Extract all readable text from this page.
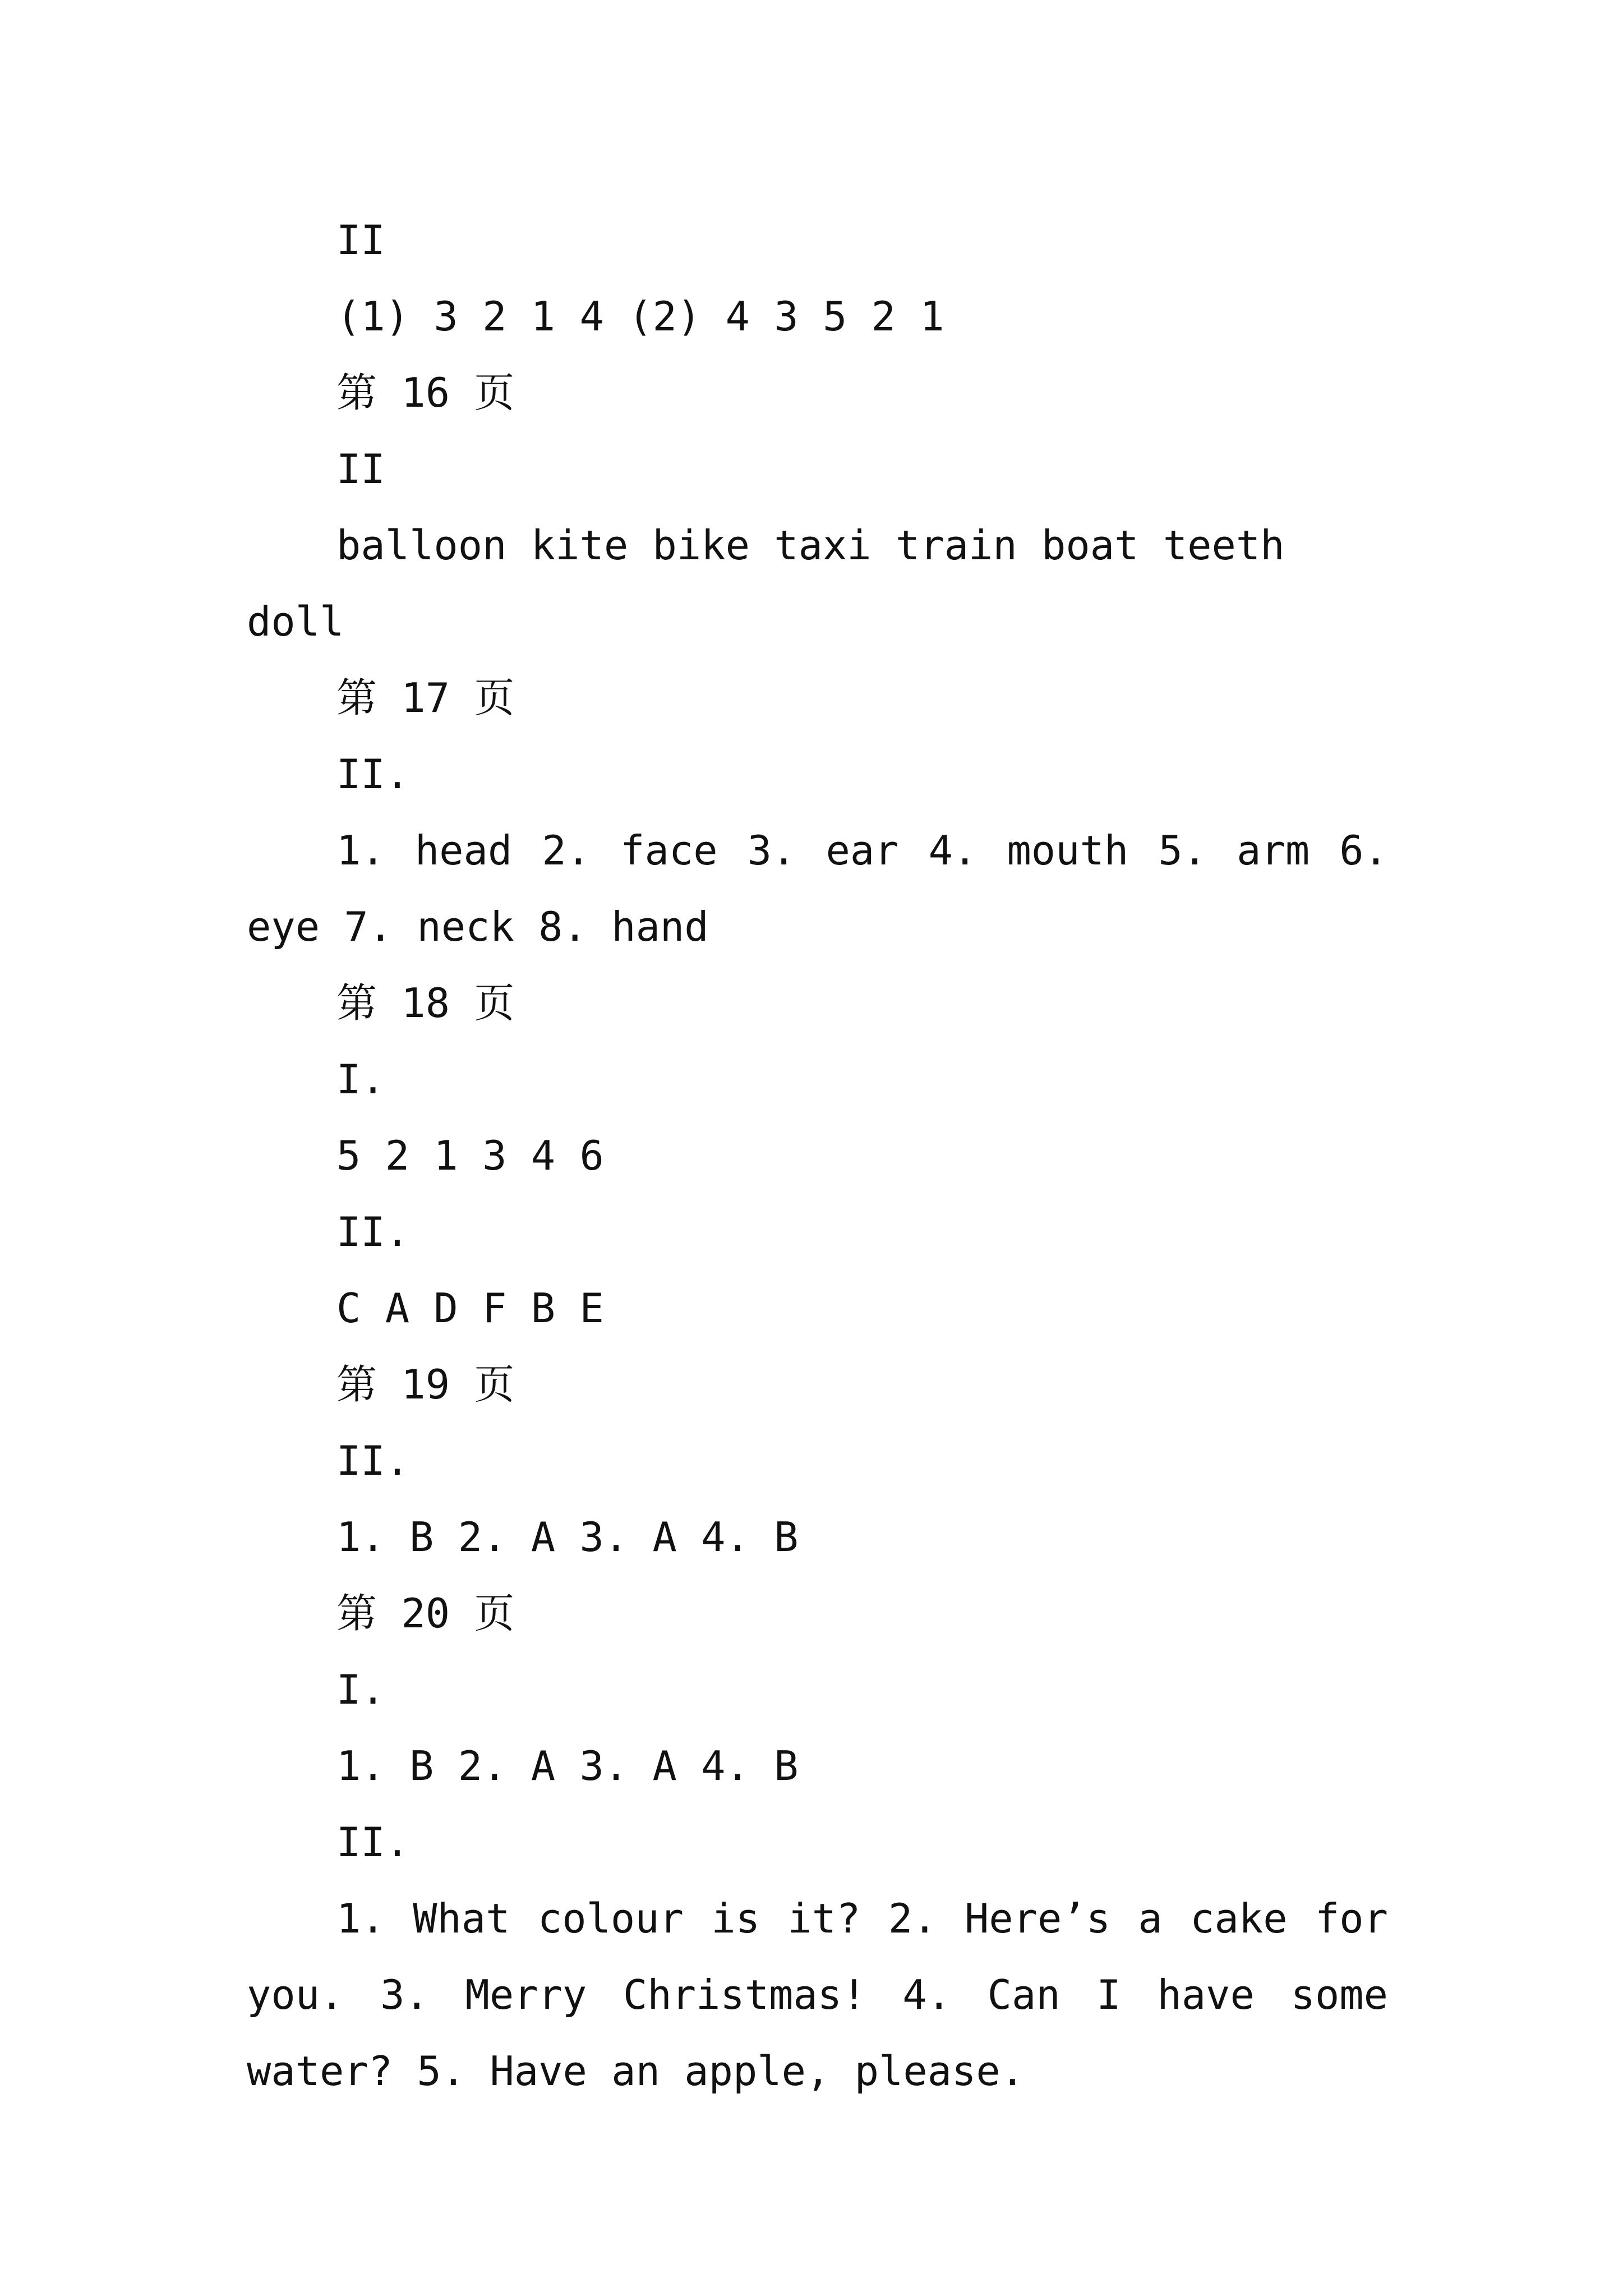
II

(1) 3 2 1 4 (2) 4 3 5 2 1

第 16 页

II

balloon kite bike taxi train boat teeth doll

第 17 页

II.

1. head 2. face 3. ear 4. mouth 5. arm 6. eye 7. neck 8. hand

第 18 页

I.

5 2 1 3 4 6

II.

C A D F B E

第 19 页

II.

1. B 2. A 3. A 4. B

第 20 页

I.

1. B 2. A 3. A 4. B

II.

1. What colour is it? 2. Here’s a cake for you. 3. Merry Christmas! 4. Can I have some water? 5. Have an apple, please.
